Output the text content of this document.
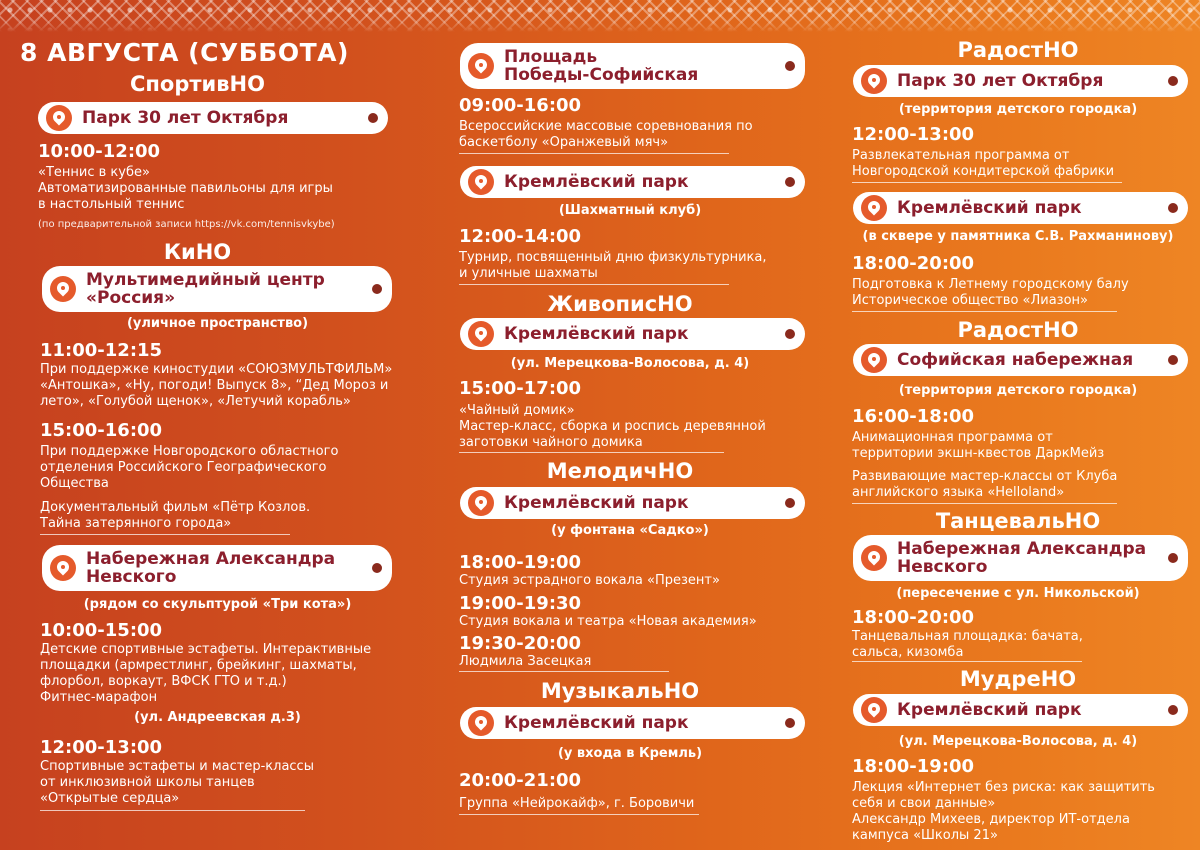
8 АВГУСТА (СУББОТА)
СпортивНО
Парк 30 лет Октября
10:00-12:00
«Теннис в кубе»
Автоматизированные павильоны для игры
в настольный теннис
(по предварительной записи https://vk.com/tennisvkybe)
КиНО
Мультимедийный центр
«Россия»
(уличное пространство)
11:00-12:15
При поддержке киностудии «СОЮЗМУЛЬТФИЛЬМ»
«Антошка», «Ну, погоди! Выпуск 8», “Дед Мороз и
лето», «Голубой щенок», «Летучий корабль»
15:00-16:00
При поддержке Новгородского областного
отделения Российского Географического
Общества
Документальный фильм «Пётр Козлов.
Тайна затерянного города»
Набережная Александра
Невского
(рядом со скульптурой «Три кота»)
10:00-15:00
Детские спортивные эстафеты. Интерактивные
площадки (армрестлинг, брейкинг, шахматы,
флорбол, воркаут, ВФСК ГТО и т.д.)
Фитнес-марафон
(ул. Андреевская д.3)
12:00-13:00
Спортивные эстафеты и мастер-классы
от инклюзивной школы танцев
«Открытые сердца»
Площадь
Победы-Софийская
09:00-16:00
Всероссийские массовые соревнования по
баскетболу «Оранжевый мяч»
Кремлёвский парк
(Шахматный клуб)
12:00-14:00
Турнир, посвященный дню физкультурника,
и уличные шахматы
ЖивописНО
Кремлёвский парк
(ул. Мерецкова-Волосова, д. 4)
15:00-17:00
«Чайный домик»
Мастер-класс, сборка и роспись деревянной
заготовки чайного домика
МелодичНО
Кремлёвский парк
(у фонтана «Садко»)
18:00-19:00
Студия эстрадного вокала «Презент»
19:00-19:30
Студия вокала и театра «Новая академия»
19:30-20:00
Людмила Засецкая
МузыкальНО
Кремлёвский парк
(у входа в Кремль)
20:00-21:00
Группа «Нейрокайф», г. Боровичи
РадостНО
Парк 30 лет Октября
(территория детского городка)
12:00-13:00
Развлекательная программа от
Новгородской кондитерской фабрики
Кремлёвский парк
(в сквере у памятника С.В. Рахманинову)
18:00-20:00
Подготовка к Летнему городскому балу
Историческое общество «Лиазон»
РадостНО
Софийская набережная
(территория детского городка)
16:00-18:00
Анимационная программа от
территории экшн-квестов ДаркМейз
Развивающие мастер-классы от Клуба
английского языка «Helloland»
ТанцевальНО
Набережная Александра
Невского
(пересечение с ул. Никольской)
18:00-20:00
Танцевальная площадка: бачата,
сальса, кизомба
МудреНО
Кремлёвский парк
(ул. Мерецкова-Волосова, д. 4)
18:00-19:00
Лекция «Интернет без риска: как защитить
себя и свои данные»
Александр Михеев, директор ИТ-отдела
кампуса «Школы 21»
